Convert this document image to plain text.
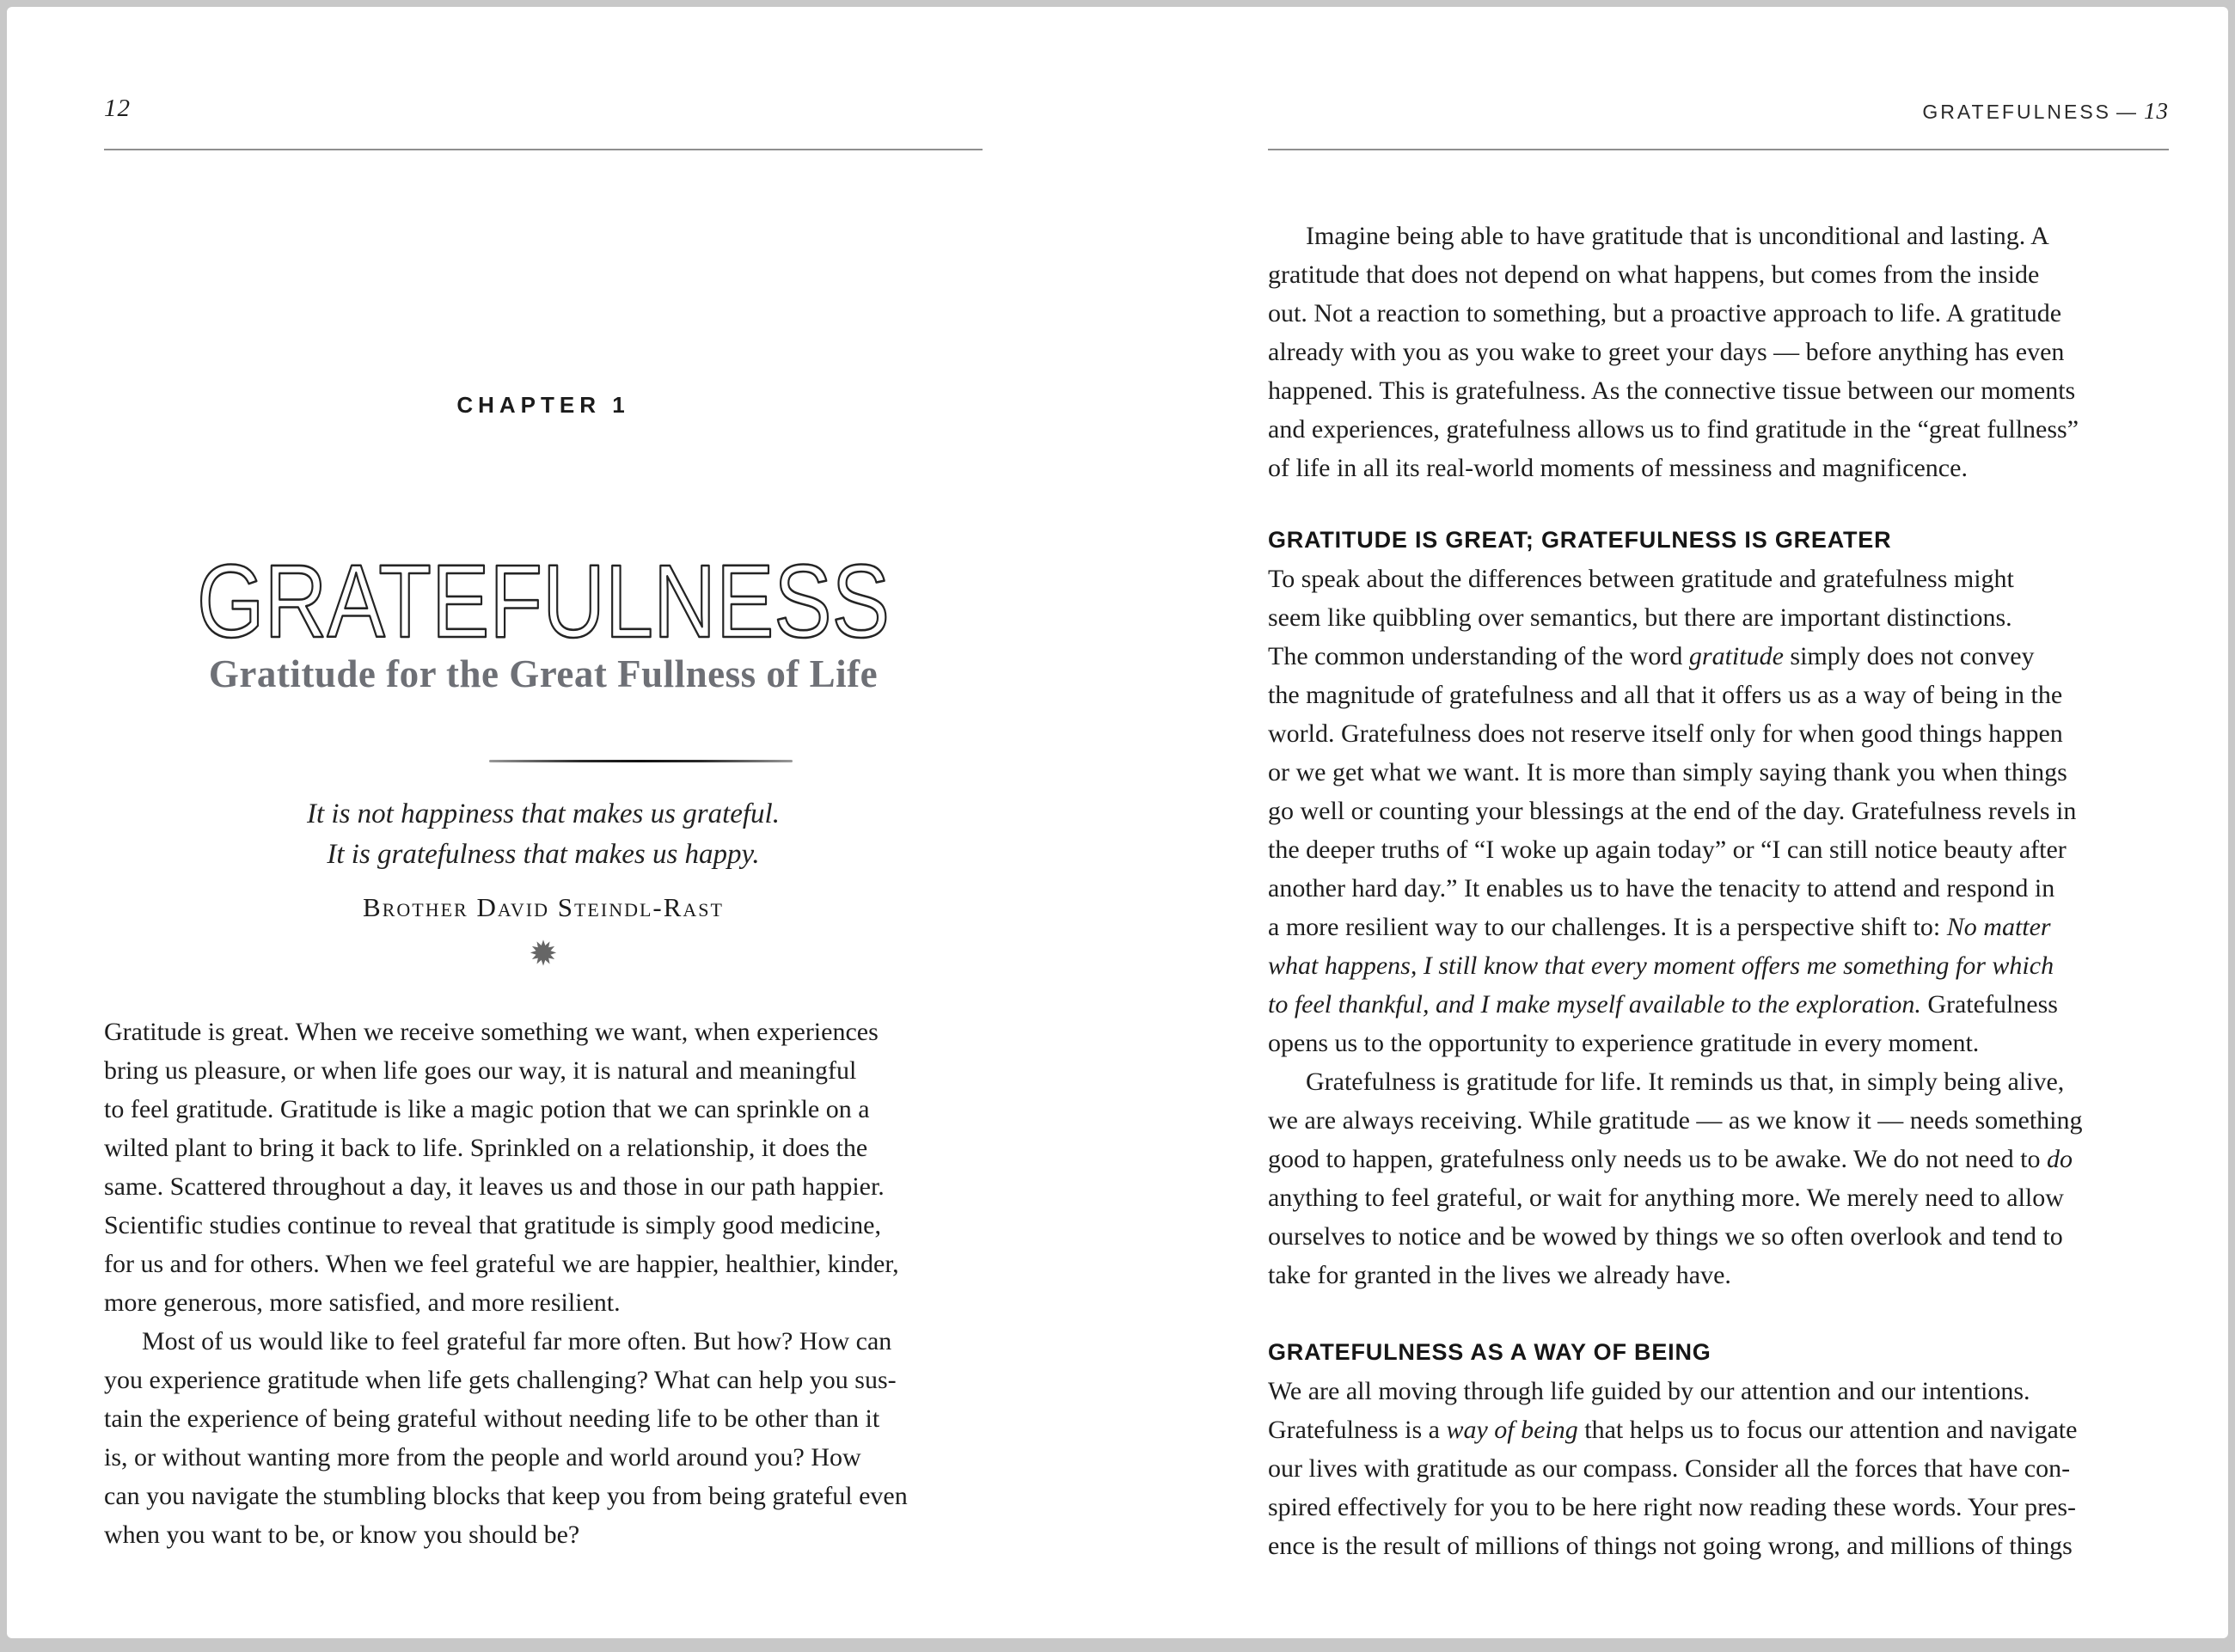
12
CHAPTER 1
GRATEFULNESS
Gratitude for the Great Fullness of Life
It is not happiness that makes us grateful.
It is gratefulness that makes us happy.
Brother David Steindl-Rast
✹
Gratitude is great. When we receive something we want, when experiences
bring us pleasure, or when life goes our way, it is natural and meaningful
to feel gratitude. Gratitude is like a magic potion that we can sprinkle on a
wilted plant to bring it back to life. Sprinkled on a relationship, it does the
same. Scattered throughout a day, it leaves us and those in our path happier.
Scientific studies continue to reveal that gratitude is simply good medicine,
for us and for others. When we feel grateful we are happier, healthier, kinder,
more generous, more satisfied, and more resilient.
Most of us would like to feel grateful far more often. But how? How can
you experience gratitude when life gets challenging? What can help you sus-
tain the experience of being grateful without needing life to be other than it
is, or without wanting more from the people and world around you? How
can you navigate the stumbling blocks that keep you from being grateful even
when you want to be, or know you should be?
GRATEFULNESS — 13
Imagine being able to have gratitude that is unconditional and lasting. A
gratitude that does not depend on what happens, but comes from the inside
out. Not a reaction to something, but a proactive approach to life. A gratitude
already with you as you wake to greet your days — before anything has even
happened. This is gratefulness. As the connective tissue between our moments
and experiences, gratefulness allows us to find gratitude in the “great fullness”
of life in all its real-world moments of messiness and magnificence.
GRATITUDE IS GREAT; GRATEFULNESS IS GREATER
To speak about the differences between gratitude and gratefulness might
seem like quibbling over semantics, but there are important distinctions.
The common understanding of the word gratitude simply does not convey
the magnitude of gratefulness and all that it offers us as a way of being in the
world. Gratefulness does not reserve itself only for when good things happen
or we get what we want. It is more than simply saying thank you when things
go well or counting your blessings at the end of the day. Gratefulness revels in
the deeper truths of “I woke up again today” or “I can still notice beauty after
another hard day.” It enables us to have the tenacity to attend and respond in
a more resilient way to our challenges. It is a perspective shift to: No matter
what happens, I still know that every moment offers me something for which
to feel thankful, and I make myself available to the exploration. Gratefulness
opens us to the opportunity to experience gratitude in every moment.
Gratefulness is gratitude for life. It reminds us that, in simply being alive,
we are always receiving. While gratitude — as we know it — needs something
good to happen, gratefulness only needs us to be awake. We do not need to do
anything to feel grateful, or wait for anything more. We merely need to allow
ourselves to notice and be wowed by things we so often overlook and tend to
take for granted in the lives we already have.
GRATEFULNESS AS A WAY OF BEING
We are all moving through life guided by our attention and our intentions.
Gratefulness is a way of being that helps us to focus our attention and navigate
our lives with gratitude as our compass. Consider all the forces that have con-
spired effectively for you to be here right now reading these words. Your pres-
ence is the result of millions of things not going wrong, and millions of things
